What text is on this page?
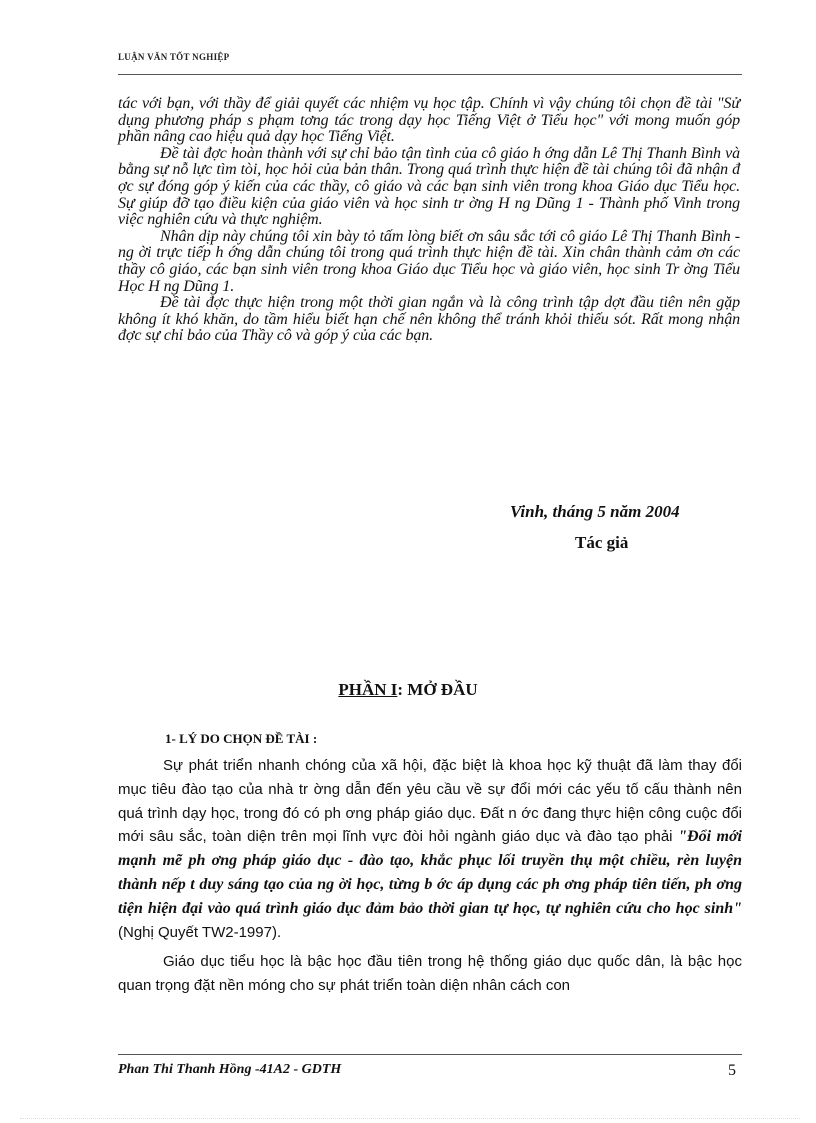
LUẬN VĂN TỐT NGHIỆP

tác với bạn, với thầy để giải quyết các nhiệm vụ học tập. Chính vì vậy chúng tôi chọn đề tài "Sử dụng phương pháp s phạm tơng tác trong dạy học Tiếng Việt ở Tiểu học" với mong muốn góp phần nâng cao hiệu quả dạy học Tiếng Việt.

Đề tài đợc hoàn thành với sự chỉ bảo tận tình của cô giáo h ớng dẫn Lê Thị Thanh Bình và bằng sự nỗ lực tìm tòi, học hỏi của bản thân. Trong quá trình thực hiện đề tài chúng tôi đã nhận đ ợc sự đóng góp ý kiến của các thầy, cô giáo và các bạn sinh viên trong khoa Giáo dục Tiểu học. Sự giúp đỡ tạo điều kiện của giáo viên và học sinh tr ờng H ng Dũng 1 - Thành phố Vinh trong việc nghiên cứu và thực nghiệm.

Nhân dịp này chúng tôi xin bày tỏ tấm lòng biết ơn sâu sắc tới cô giáo Lê Thị Thanh Bình - ng ời trực tiếp h ớng dẫn chúng tôi trong quá trình thực hiện đề tài. Xin chân thành cảm ơn các thầy cô giáo, các bạn sinh viên trong khoa Giáo dục Tiểu học và giáo viên, học sinh Tr ờng Tiểu Học H ng Dũng 1.

Đề tài đợc thực hiện trong một thời gian ngắn và là công trình tập dợt đầu tiên nên gặp không ít khó khăn, do tầm hiểu biết hạn chế nên không thể tránh khỏi thiếu sót. Rất mong nhận đợc sự chỉ bảo của Thầy cô và góp ý của các bạn.

Vinh, tháng 5 năm 2004
Tác giả
PHẦN I: MỞ ĐẦU
1- LÝ DO CHỌN ĐỀ TÀI :

Sự phát triển nhanh chóng của xã hội, đặc biệt là khoa học kỹ thuật đã làm thay đổi mục tiêu đào tạo của nhà tr ờng dẫn đến yêu cầu về sự đổi mới các yếu tố cấu thành nên quá trình dạy học, trong đó có ph ơng pháp giáo dục. Đất n ớc đang thực hiện công cuộc đổi mới sâu sắc, toàn diện trên mọi lĩnh vực đòi hỏi ngành giáo dục và đào tạo phải "Đổi mới mạnh mẽ ph ơng pháp giáo dục - đào tạo, khắc phục lối truyền thụ một chiều, rèn luyện thành nếp t duy sáng tạo của ng ời học, từng b ớc áp dụng các ph ơng pháp tiên tiến, ph ơng tiện hiện đại vào quá trình giáo dục đảm bảo thời gian tự học, tự nghiên cứu cho học sinh" (Nghị Quyết TW2-1997).

Giáo dục tiểu học là bậc học đầu tiên trong hệ thống giáo dục quốc dân, là bậc học quan trọng đặt nền móng cho sự phát triển toàn diện nhân cách con

Phan Thi Thanh Hồng -41A2 - GDTH	5
